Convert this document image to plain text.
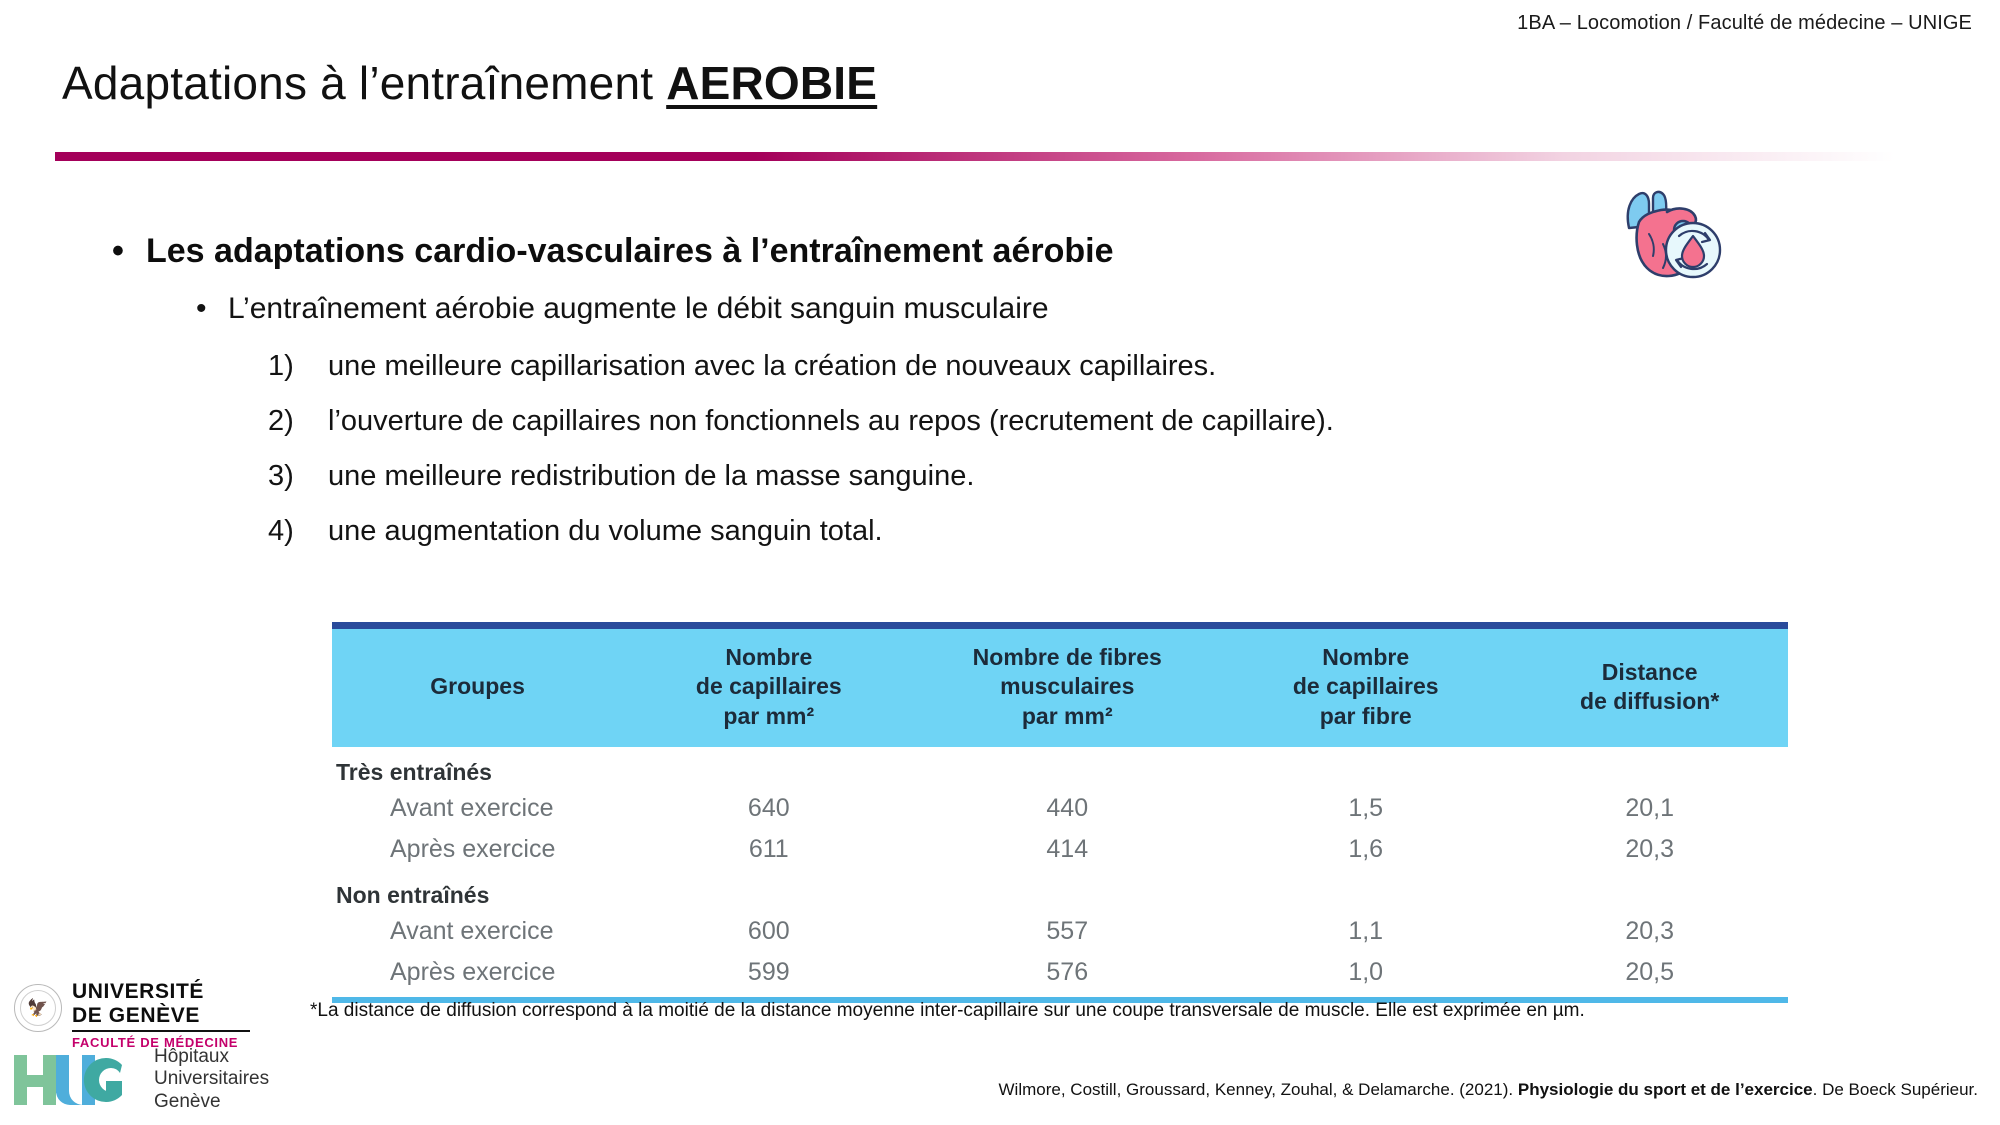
1BA – Locomotion / Faculté de médecine – UNIGE
Adaptations à l’entraînement AEROBIE
• Les adaptations cardio-vasculaires à l’entraînement aérobie
• L’entraînement aérobie augmente le débit sanguin musculaire
1)	une meilleure capillarisation avec la création de nouveaux capillaires.
2)	l’ouverture de capillaires non fonctionnels au repos (recrutement de capillaire).
3)	une meilleure redistribution de la masse sanguine.
4)	une augmentation du volume sanguin total.
Groupes

Nombre
de capillaires
par mm²

Nombre de fibres
musculaires
par mm²

Nombre
de capillaires
par fibre

Distance
de diffusion*

Très entraînés				
Avant exercice	640	440	1,5	20,1
Après exercice	611	414	1,6	20,3
Non entraînés				
Avant exercice	600	557	1,1	20,3
Après exercice	599	576	1,0	20,5
*La distance de diffusion correspond à la moitié de la distance moyenne inter-capillaire sur une coupe transversale de muscle. Elle est exprimée en µm.
Wilmore, Costill, Groussard, Kenney, Zouhal, & Delamarche. (2021). Physiologie du sport et de l’exercice. De Boeck Supérieur.
🦅
UNIVERSITÉ
DE GENÈVE
FACULTÉ DE MÉDECINE
Hôpitaux
Universitaires
Genève
